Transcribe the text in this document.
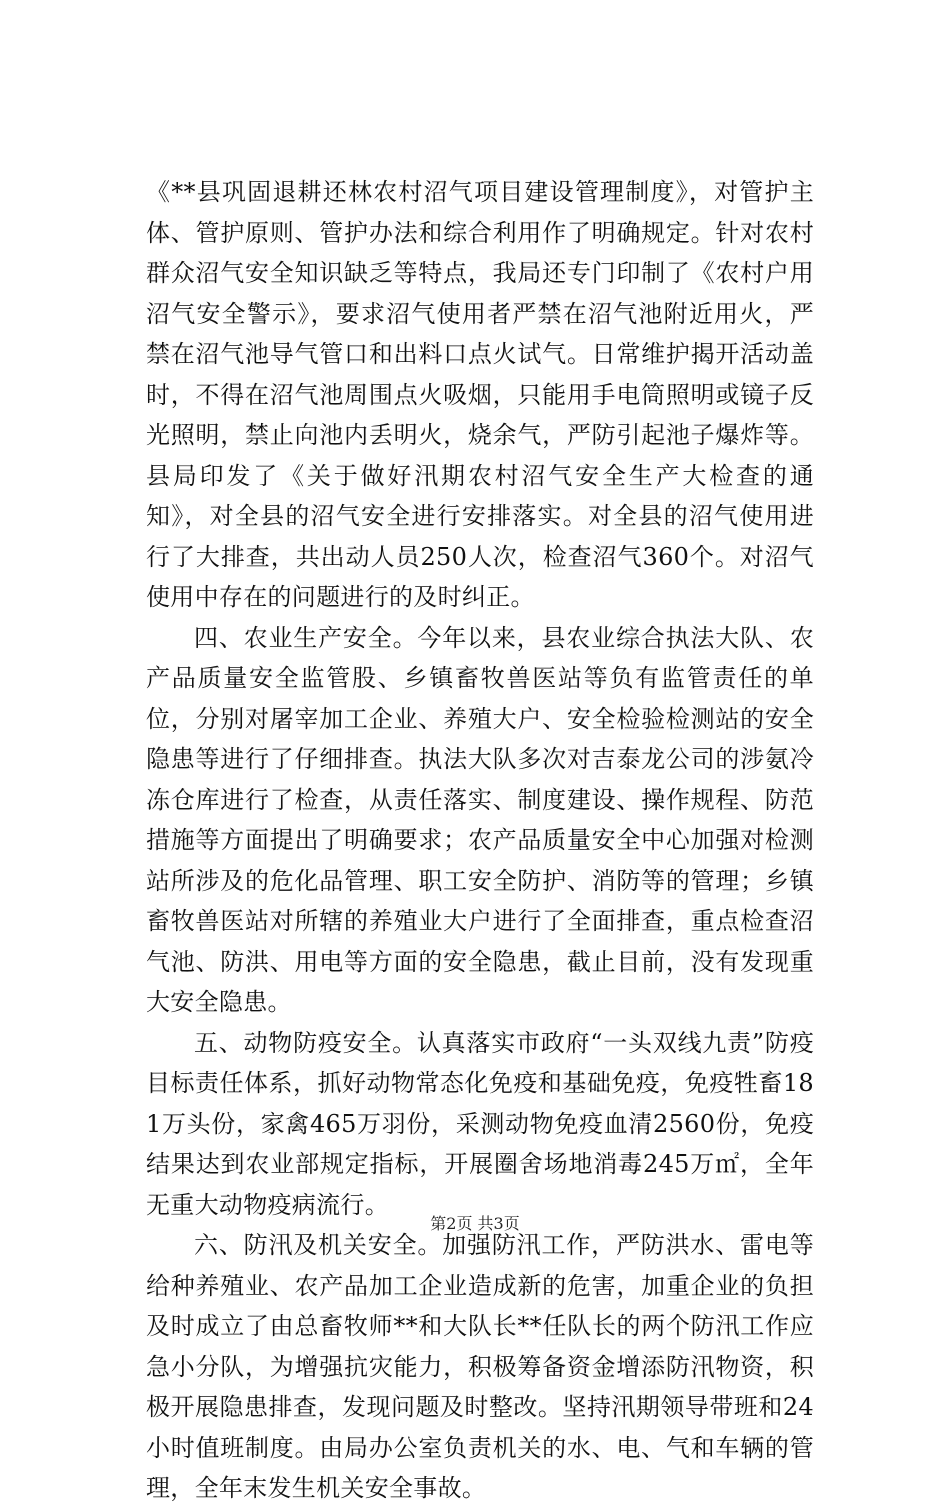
《**县巩固退耕还林农村沼气项目建设管理制度》，对管护主体、管护原则、管护办法和综合利用作了明确规定。针对农村群众沼气安全知识缺乏等特点，我局还专门印制了《农村户用沼气安全警示》，要求沼气使用者严禁在沼气池附近用火，严禁在沼气池导气管口和出料口点火试气。日常维护揭开活动盖时，不得在沼气池周围点火吸烟，只能用手电筒照明或镜子反光照明，禁止向池内丢明火，烧余气，严防引起池子爆炸等。县局印发了《关于做好汛期农村沼气安全生产大检查的通知》，对全县的沼气安全进行安排落实。对全县的沼气使用进行了大排查，共出动人员250人次，检查沼气360个。对沼气使用中存在的问题进行的及时纠正。

四、农业生产安全。今年以来，县农业综合执法大队、农产品质量安全监管股、乡镇畜牧兽医站等负有监管责任的单位，分别对屠宰加工企业、养殖大户、安全检验检测站的安全隐患等进行了仔细排查。执法大队多次对吉泰龙公司的涉氨冷冻仓库进行了检查，从责任落实、制度建设、操作规程、防范措施等方面提出了明确要求；农产品质量安全中心加强对检测站所涉及的危化品管理、职工安全防护、消防等的管理；乡镇畜牧兽医站对所辖的养殖业大户进行了全面排查，重点检查沼气池、防洪、用电等方面的安全隐患，截止目前，没有发现重大安全隐患。

五、动物防疫安全。认真落实市政府“一头双线九责”防疫目标责任体系，抓好动物常态化免疫和基础免疫，免疫牲畜181万头份，家禽465万羽份，采测动物免疫血清2560份，免疫结果达到农业部规定指标，开展圈舍场地消毒245万㎡，全年无重大动物疫病流行。

六、防汛及机关安全。加强防汛工作，严防洪水、雷电等给种养殖业、农产品加工企业造成新的危害，加重企业的负担及时成立了由总畜牧师**和大队长**任队长的两个防汛工作应急小分队，为增强抗灾能力，积极筹备资金增添防汛物资，积极开展隐患排查，发现问题及时整改。坚持汛期领导带班和24小时值班制度。由局办公室负责机关的水、电、气和车辆的管理，全年末发生机关安全事故。

第2页 共3页
